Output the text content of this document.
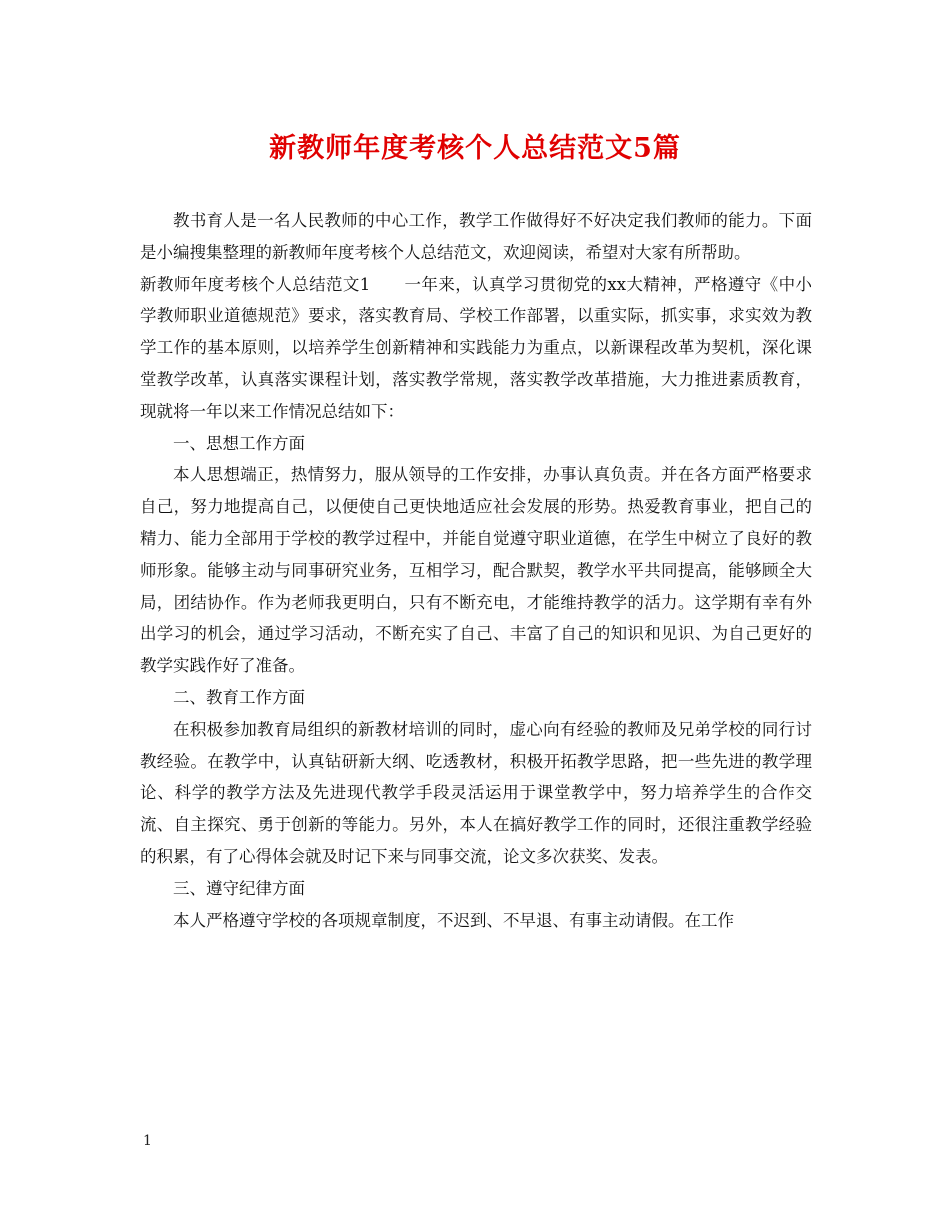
新教师年度考核个人总结范文5篇

教书育人是一名人民教师的中心工作，教学工作做得好不好决定我们教师的能力。下面是小编搜集整理的新教师年度考核个人总结范文，欢迎阅读，希望对大家有所帮助。

新教师年度考核个人总结范文1　　一年来，认真学习贯彻党的xx大精神，严格遵守《中小学教师职业道德规范》要求，落实教育局、学校工作部署，以重实际，抓实事，求实效为教学工作的基本原则，以培养学生创新精神和实践能力为重点，以新课程改革为契机，深化课堂教学改革，认真落实课程计划，落实教学常规，落实教学改革措施，大力推进素质教育，现就将一年以来工作情况总结如下：

一、思想工作方面

本人思想端正，热情努力，服从领导的工作安排，办事认真负责。并在各方面严格要求自己，努力地提高自己，以便使自己更快地适应社会发展的形势。热爱教育事业，把自己的精力、能力全部用于学校的教学过程中，并能自觉遵守职业道德，在学生中树立了良好的教师形象。能够主动与同事研究业务，互相学习，配合默契，教学水平共同提高，能够顾全大局，团结协作。作为老师我更明白，只有不断充电，才能维持教学的活力。这学期有幸有外出学习的机会，通过学习活动，不断充实了自己、丰富了自己的知识和见识、为自己更好的教学实践作好了准备。

二、教育工作方面

在积极参加教育局组织的新教材培训的同时，虚心向有经验的教师及兄弟学校的同行讨教经验。在教学中，认真钻研新大纲、吃透教材，积极开拓教学思路，把一些先进的教学理论、科学的教学方法及先进现代教学手段灵活运用于课堂教学中，努力培养学生的合作交流、自主探究、勇于创新的等能力。另外，本人在搞好教学工作的同时，还很注重教学经验的积累，有了心得体会就及时记下来与同事交流，论文多次获奖、发表。

三、遵守纪律方面

本人严格遵守学校的各项规章制度，不迟到、不早退、有事主动请假。在工作

1
